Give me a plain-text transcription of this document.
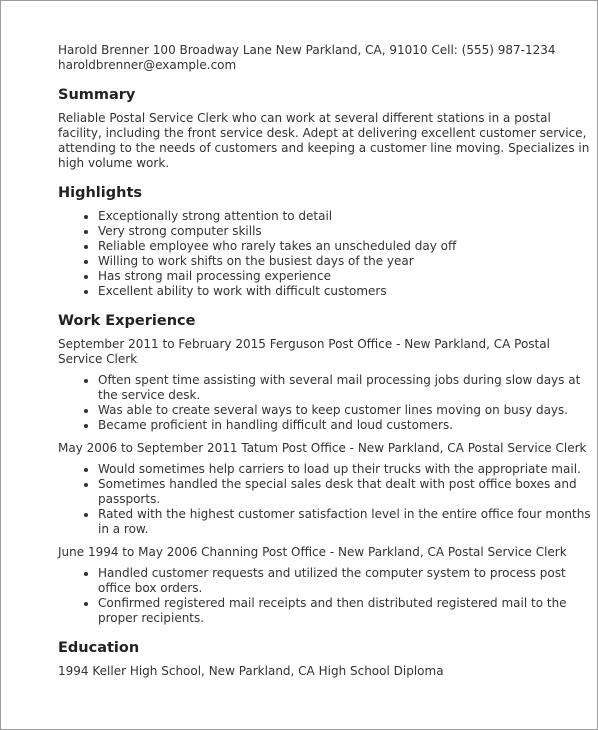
Harold Brenner 100 Broadway Lane New Parkland, CA, 91010 Cell: (555) 987-1234
haroldbrenner@example.com
Summary

Reliable Postal Service Clerk who can work at several different stations in a postal facility, including the front service desk. Adept at delivering excellent customer service, attending to the needs of customers and keeping a customer line moving. Specializes in high volume work.

Highlights
• Exceptionally strong attention to detail
• Very strong computer skills
• Reliable employee who rarely takes an unscheduled day off
• Willing to work shifts on the busiest days of the year
• Has strong mail processing experience
• Excellent ability to work with difficult customers
Work Experience
September 2011 to February 2015 Ferguson Post Office - New Parkland, CA Postal Service Clerk
• Often spent time assisting with several mail processing jobs during slow days at the service desk.
• Was able to create several ways to keep customer lines moving on busy days.
• Became proficient in handling difficult and loud customers.
May 2006 to September 2011 Tatum Post Office - New Parkland, CA Postal Service Clerk
• Would sometimes help carriers to load up their trucks with the appropriate mail.
• Sometimes handled the special sales desk that dealt with post office boxes and passports.
• Rated with the highest customer satisfaction level in the entire office four months in a row.
June 1994 to May 2006 Channing Post Office - New Parkland, CA Postal Service Clerk
• Handled customer requests and utilized the computer system to process post office box orders.
• Confirmed registered mail receipts and then distributed registered mail to the proper recipients.
Education
1994 Keller High School, New Parkland, CA High School Diploma
